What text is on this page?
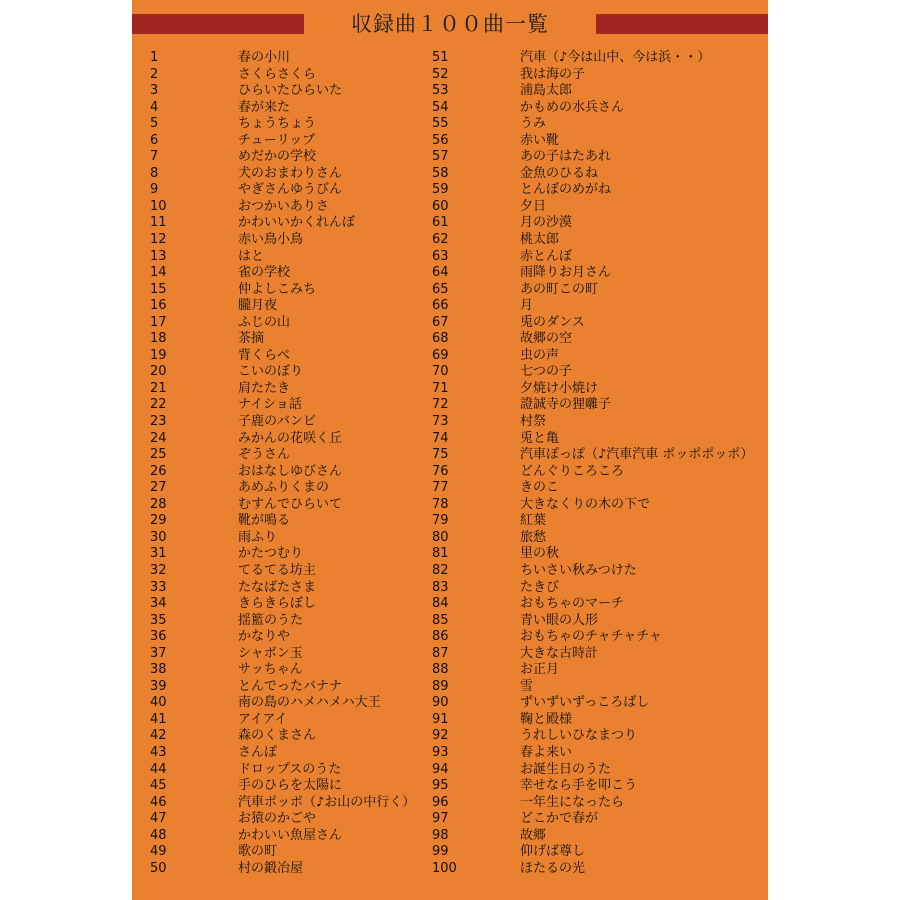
収録曲１００曲一覧
1	春の小川
2	さくらさくら
3	ひらいたひらいた
4	春が来た
5	ちょうちょう
6	チューリップ
7	めだかの学校
8	犬のおまわりさん
9	やぎさんゆうびん
10	おつかいありさ
11	かわいいかくれんぼ
12	赤い鳥小鳥
13	はと
14	雀の学校
15	仲よしこみち
16	朧月夜
17	ふじの山
18	茶摘
19	背くらべ
20	こいのぼり
21	肩たたき
22	ナイショ話
23	子鹿のバンビ
24	みかんの花咲く丘
25	ぞうさん
26	おはなしゆびさん
27	あめふりくまの
28	むすんでひらいて
29	靴が鳴る
30	雨ふり
31	かたつむり
32	てるてる坊主
33	たなばたさま
34	きらきらぼし
35	揺籃のうた
36	かなりや
37	シャボン玉
38	サッちゃん
39	とんでったバナナ
40	南の島のハメハメハ大王
41	アイアイ
42	森のくまさん
43	さんぽ
44	ドロップスのうた
45	手のひらを太陽に
46	汽車ポッポ（♪お山の中行く）
47	お猿のかごや
48	かわいい魚屋さん
49	歌の町
50	村の鍛冶屋
51	汽車（♪今は山中、今は浜・・）
52	我は海の子
53	浦島太郎
54	かもめの水兵さん
55	うみ
56	赤い靴
57	あの子はたあれ
58	金魚のひるね
59	とんぼのめがね
60	夕日
61	月の沙漠
62	桃太郎
63	赤とんぼ
64	雨降りお月さん
65	あの町この町
66	月
67	兎のダンス
68	故郷の空
69	虫の声
70	七つの子
71	夕焼け小焼け
72	證誠寺の狸囃子
73	村祭
74	兎と亀
75	汽車ぽっぽ（♪汽車汽車 ポッポポッポ）
76	どんぐりころころ
77	きのこ
78	大きなくりの木の下で
79	紅葉
80	旅愁
81	里の秋
82	ちいさい秋みつけた
83	たきび
84	おもちゃのマーチ
85	青い眼の人形
86	おもちゃのチャチャチャ
87	大きな古時計
88	お正月
89	雪
90	ずいずいずっころばし
91	鞠と殿様
92	うれしいひなまつり
93	春よ来い
94	お誕生日のうた
95	幸せなら手を叩こう
96	一年生になったら
97	どこかで春が
98	故郷
99	仰げば尊し
100	ほたるの光
